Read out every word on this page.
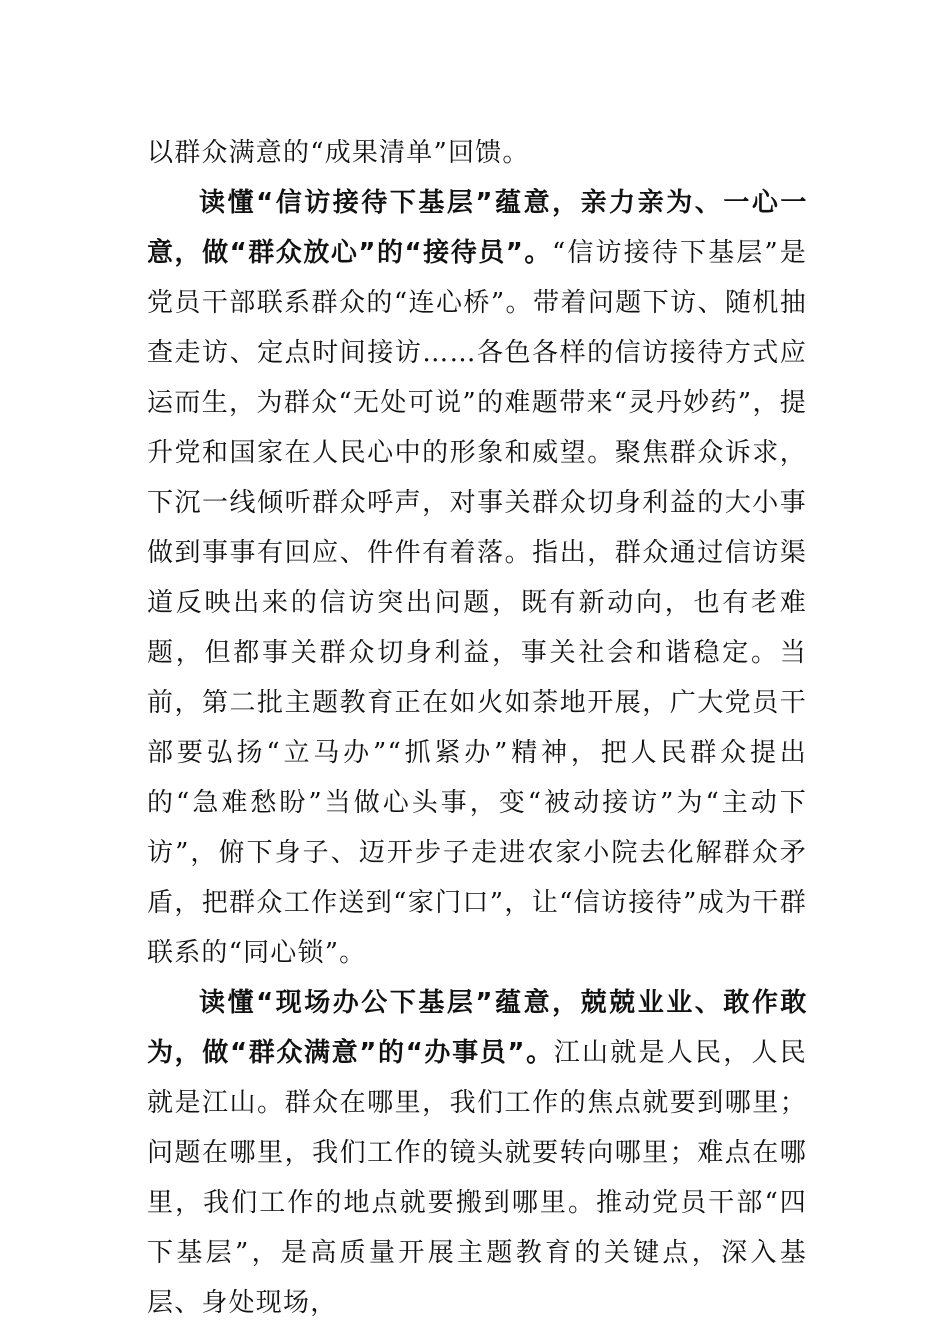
以群众满意的“成果清单”回馈。

读懂“信访接待下基层”蕴意，亲力亲为、一心一意，做“群众放心”的“接待员”。“信访接待下基层”是党员干部联系群众的“连心桥”。带着问题下访、随机抽查走访、定点时间接访……各色各样的信访接待方式应运而生，为群众“无处可说”的难题带来“灵丹妙药”，提升党和国家在人民心中的形象和威望。聚焦群众诉求，下沉一线倾听群众呼声，对事关群众切身利益的大小事做到事事有回应、件件有着落。指出，群众通过信访渠道反映出来的信访突出问题，既有新动向，也有老难题，但都事关群众切身利益，事关社会和谐稳定。当前，第二批主题教育正在如火如荼地开展，广大党员干部要弘扬“立马办”“抓紧办”精神，把人民群众提出的“急难愁盼”当做心头事，变“被动接访”为“主动下访”，俯下身子、迈开步子走进农家小院去化解群众矛盾，把群众工作送到“家门口”，让“信访接待”成为干群联系的“同心锁”。

读懂“现场办公下基层”蕴意，兢兢业业、敢作敢为，做“群众满意”的“办事员”。江山就是人民，人民就是江山。群众在哪里，我们工作的焦点就要到哪里；问题在哪里，我们工作的镜头就要转向哪里；难点在哪里，我们工作的地点就要搬到哪里。推动党员干部“四下基层”，是高质量开展主题教育的关键点，深入基层、身处现场，
